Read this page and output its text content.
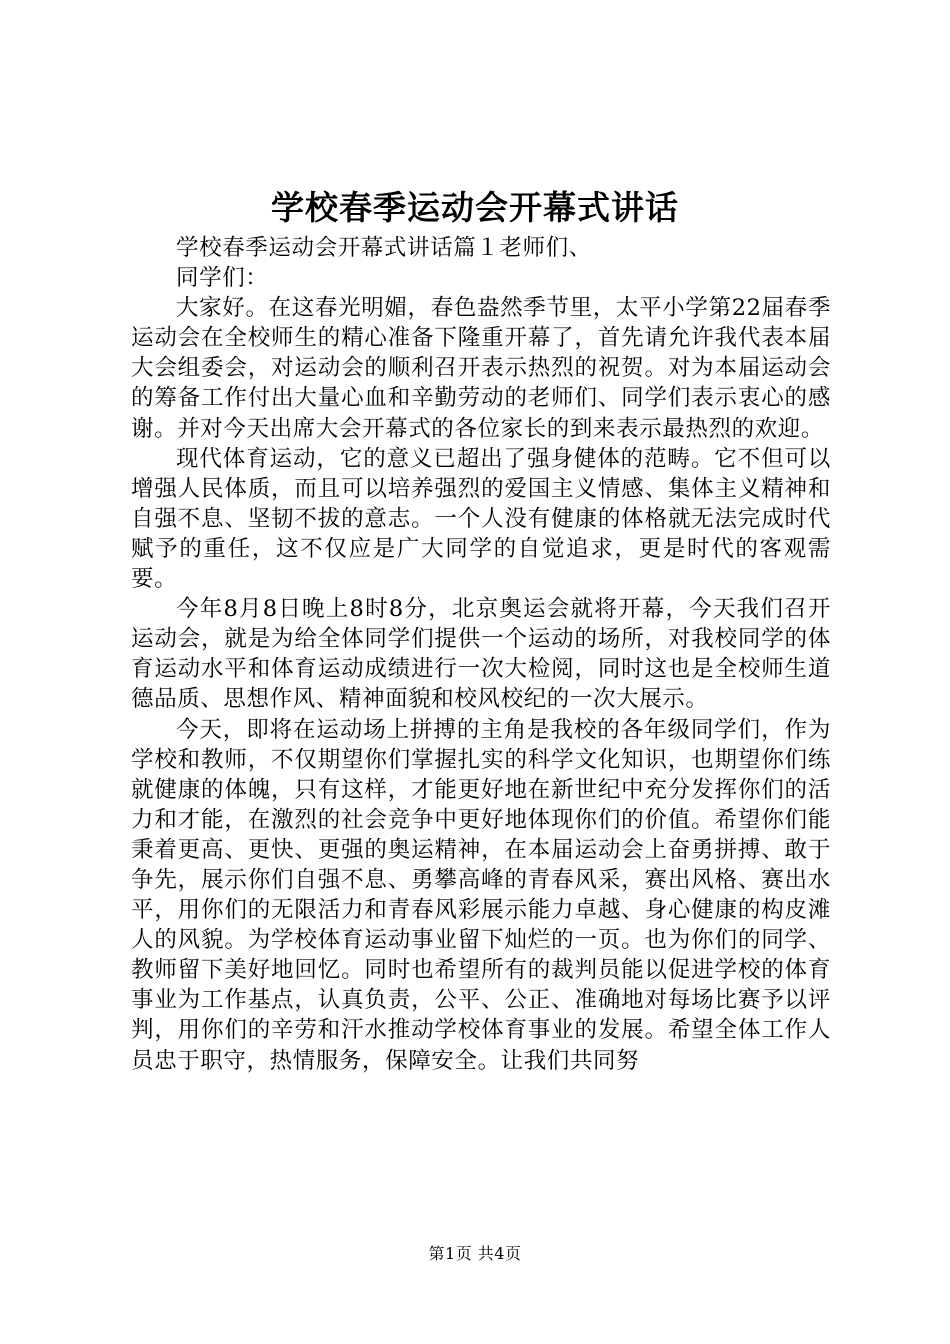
学校春季运动会开幕式讲话

学校春季运动会开幕式讲话篇１老师们、

同学们：

大家好。在这春光明媚，春色盎然季节里，太平小学第22届春季运动会在全校师生的精心准备下隆重开幕了，首先请允许我代表本届大会组委会，对运动会的顺利召开表示热烈的祝贺。对为本届运动会的筹备工作付出大量心血和辛勤劳动的老师们、同学们表示衷心的感谢。并对今天出席大会开幕式的各位家长的到来表示最热烈的欢迎。

现代体育运动，它的意义已超出了强身健体的范畴。它不但可以增强人民体质，而且可以培养强烈的爱国主义情感、集体主义精神和自强不息、坚韧不拔的意志。一个人没有健康的体格就无法完成时代赋予的重任，这不仅应是广大同学的自觉追求，更是时代的客观需要。

今年8月8日晚上8时8分，北京奥运会就将开幕，今天我们召开运动会，就是为给全体同学们提供一个运动的场所，对我校同学的体育运动水平和体育运动成绩进行一次大检阅，同时这也是全校师生道德品质、思想作风、精神面貌和校风校纪的一次大展示。

今天，即将在运动场上拼搏的主角是我校的各年级同学们，作为学校和教师，不仅期望你们掌握扎实的科学文化知识，也期望你们练就健康的体魄，只有这样，才能更好地在新世纪中充分发挥你们的活力和才能，在激烈的社会竞争中更好地体现你们的价值。希望你们能秉着更高、更快、更强的奥运精神，在本届运动会上奋勇拼搏、敢于争先，展示你们自强不息、勇攀高峰的青春风采，赛出风格、赛出水平，用你们的无限活力和青春风彩展示能力卓越、身心健康的构皮滩人的风貌。为学校体育运动事业留下灿烂的一页。也为你们的同学、教师留下美好地回忆。同时也希望所有的裁判员能以促进学校的体育事业为工作基点，认真负责，公平、公正、准确地对每场比赛予以评判，用你们的辛劳和汗水推动学校体育事业的发展。希望全体工作人员忠于职守，热情服务，保障安全。让我们共同努

第1页 共4页
